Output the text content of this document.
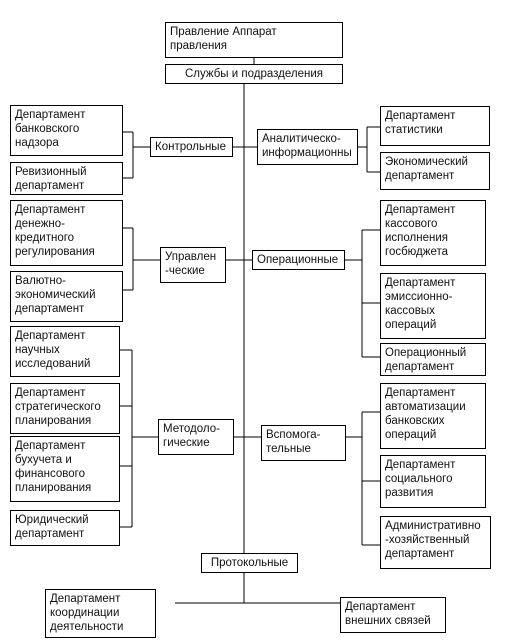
Правление Аппарат
правления
Службы и подразделения
Контрольные
Аналитическо-
информационны
Управлен
-ческие
Операционные
Методоло-
гические
Вспомога-
тельные
Протокольные
Департамент
банковского
надзора
Ревизионный
департамент
Департамент
денежно-
кредитного
регулирования
Валютно-
экономический
департамент
Департамент
научных
исследований
Департамент
стратегического
планирования
Департамент
бухучета и
финансового
планирования
Юридический
департамент
Департамент
статистики
Экономический
департамент
Департамент
кассового
исполнения
госбюджета
Департамент
эмиссионно-
кассовых
операций
Операционный
департамент
Департамент
автоматизации
банковских
операций
Департамент
социального
развития
Административно
-хозяйственный
департамент
Департамент
координации
деятельности
Департамент
внешних связей
